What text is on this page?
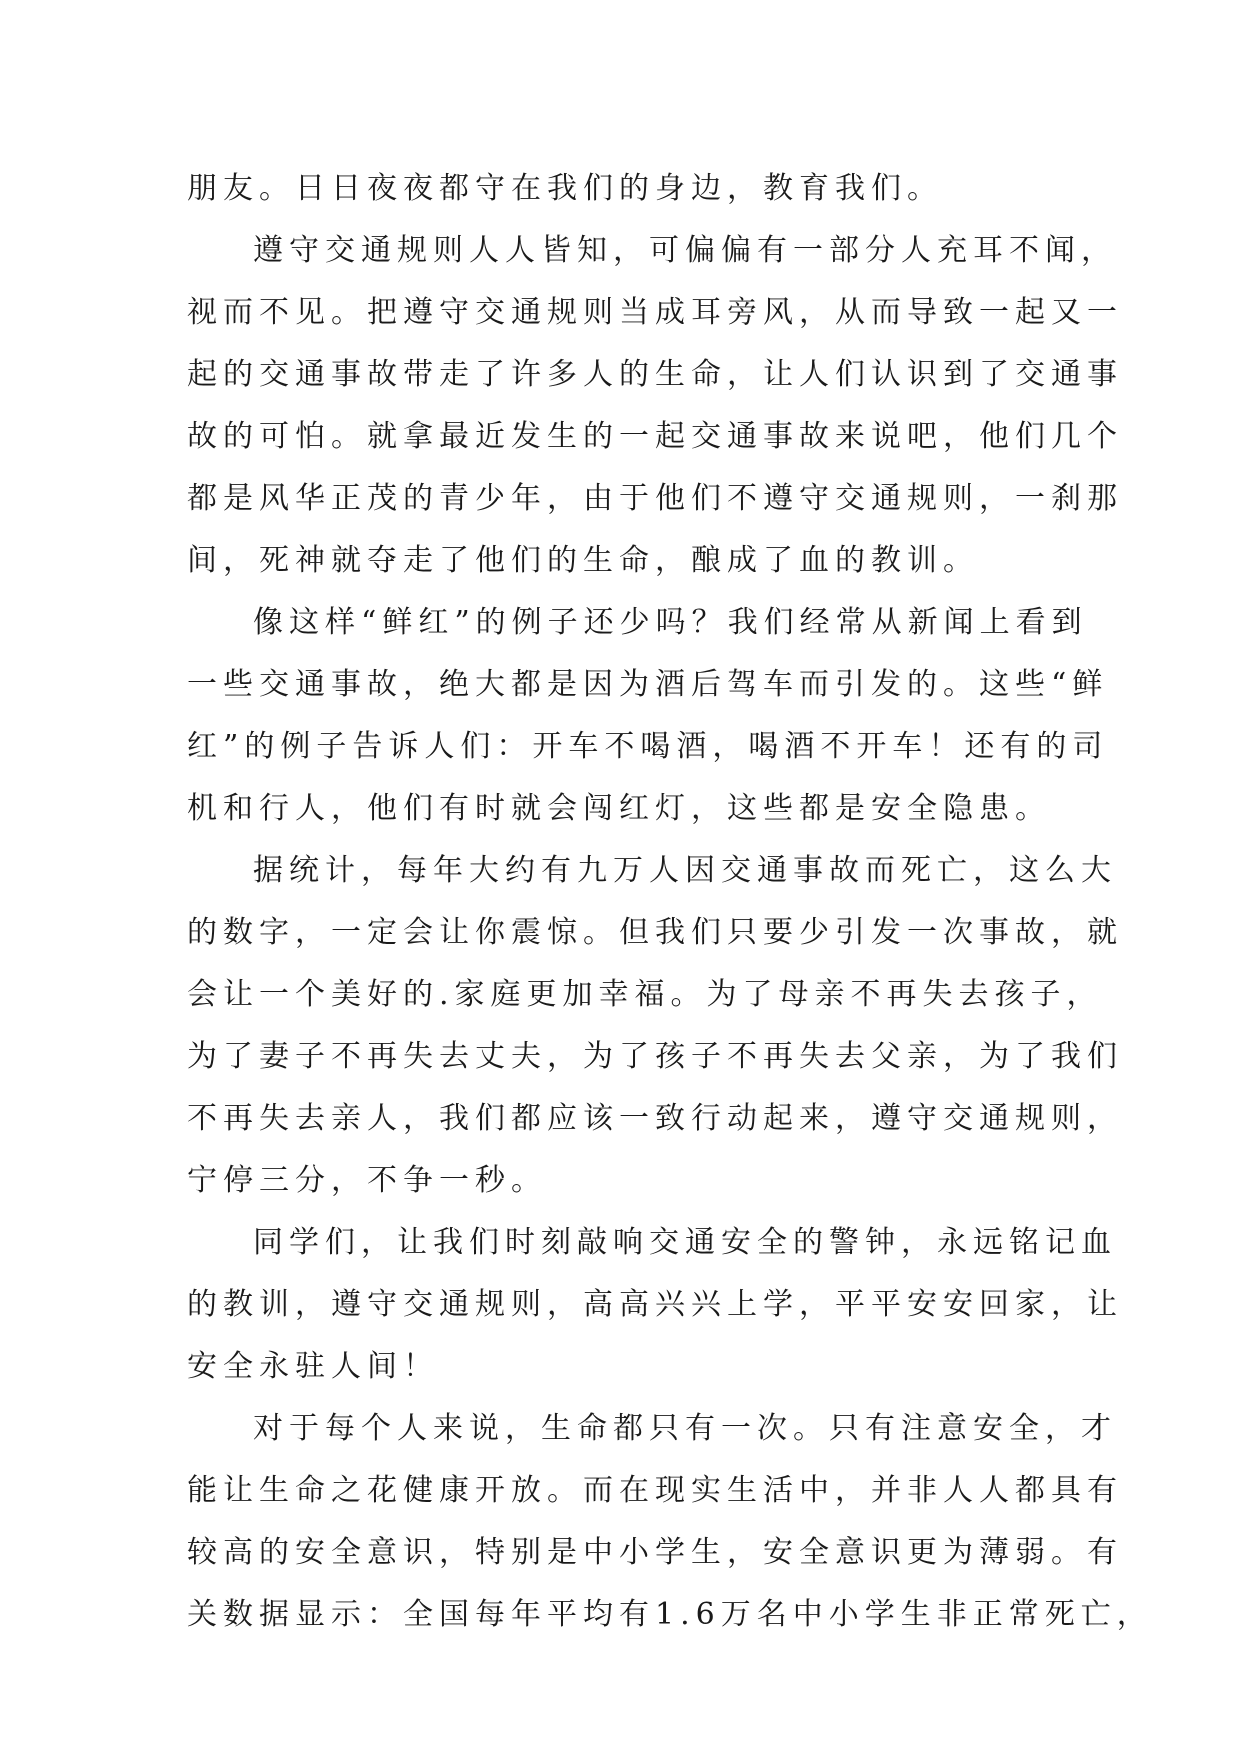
朋友。日日夜夜都守在我们的身边，教育我们。
遵守交通规则人人皆知，可偏偏有一部分人充耳不闻，
视而不见。把遵守交通规则当成耳旁风，从而导致一起又一
起的交通事故带走了许多人的生命，让人们认识到了交通事
故的可怕。就拿最近发生的一起交通事故来说吧，他们几个
都是风华正茂的青少年，由于他们不遵守交通规则，一刹那
间，死神就夺走了他们的生命，酿成了血的教训。
像这样“鲜红”的例子还少吗？我们经常从新闻上看到
一些交通事故，绝大都是因为酒后驾车而引发的。这些“鲜
红”的例子告诉人们：开车不喝酒，喝酒不开车！还有的司
机和行人，他们有时就会闯红灯，这些都是安全隐患。
据统计，每年大约有九万人因交通事故而死亡，这么大
的数字，一定会让你震惊。但我们只要少引发一次事故，就
会让一个美好的.家庭更加幸福。为了母亲不再失去孩子，
为了妻子不再失去丈夫，为了孩子不再失去父亲，为了我们
不再失去亲人，我们都应该一致行动起来，遵守交通规则，
宁停三分，不争一秒。
同学们，让我们时刻敲响交通安全的警钟，永远铭记血
的教训，遵守交通规则，高高兴兴上学，平平安安回家，让
安全永驻人间！
对于每个人来说，生命都只有一次。只有注意安全，才
能让生命之花健康开放。而在现实生活中，并非人人都具有
较高的安全意识，特别是中小学生，安全意识更为薄弱。有
关数据显示：全国每年平均有1.6万名中小学生非正常死亡，
